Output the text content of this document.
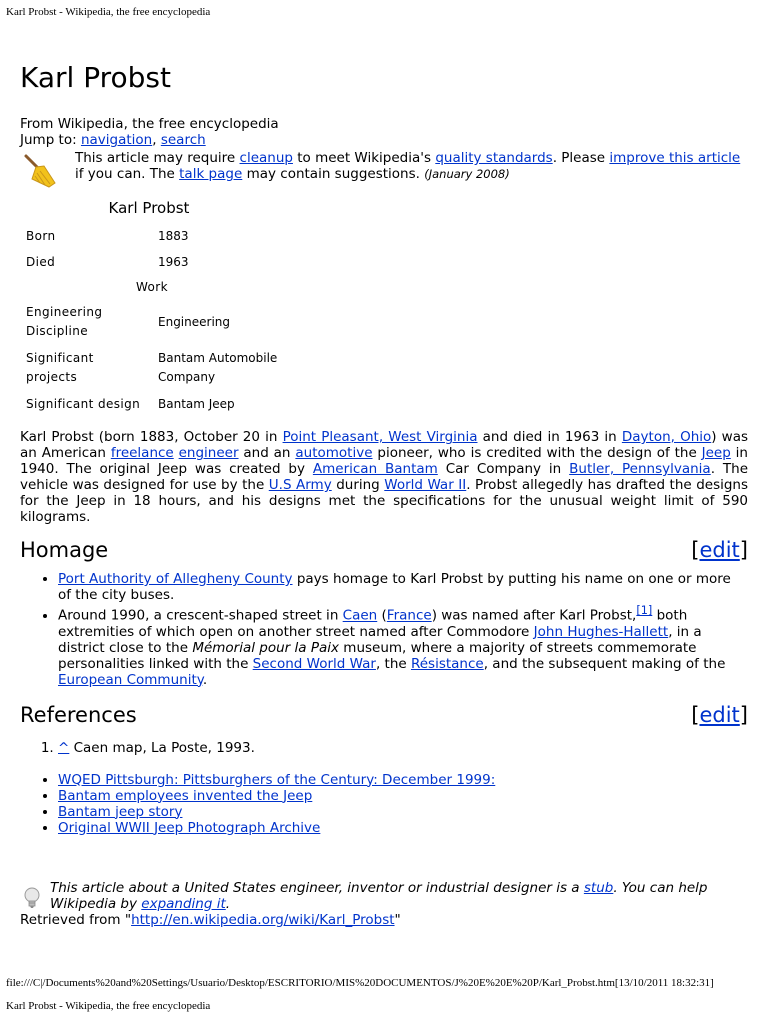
Karl Probst - Wikipedia, the free encyclopedia
Karl Probst
From Wikipedia, the free encyclopedia
Jump to: navigation, search
This article may require cleanup to meet Wikipedia's quality standards. Please improve this article if you can. The talk page may contain suggestions. (January 2008)
Karl Probst	
Born	1883
Died	1963
Work	
Engineering Discipline	Engineering
Significant projects	Bantam Automobile Company
Significant design	Bantam Jeep
Karl Probst (born 1883, October 20 in Point Pleasant, West Virginia and died in 1963 in Dayton, Ohio) was an American freelance engineer and an automotive pioneer, who is credited with the design of the Jeep in 1940. The original Jeep was created by American Bantam Car Company in Butler, Pennsylvania. The vehicle was designed for use by the U.S Army during World War II. Probst allegedly has drafted the designs for the Jeep in 18 hours, and his designs met the specifications for the unusual weight limit of 590 kilograms.
Homage	[edit]
• Port Authority of Allegheny County pays homage to Karl Probst by putting his name on one or more of the city buses.
• Around 1990, a crescent-shaped street in Caen (France) was named after Karl Probst,[1] both extremities of which open on another street named after Commodore John Hughes-Hallett, in a district close to the Mémorial pour la Paix museum, where a majority of streets commemorate personalities linked with the Second World War, the Résistance, and the subsequent making of the European Community.
References	[edit]
1. ^ Caen map, La Poste, 1993.
• WQED Pittsburgh: Pittsburghers of the Century: December 1999:
• Bantam employees invented the Jeep
• Bantam jeep story
• Original WWII Jeep Photograph Archive
This article about a United States engineer, inventor or industrial designer is a stub. You can help Wikipedia by expanding it.
Retrieved from "http://en.wikipedia.org/wiki/Karl_Probst"
file:///C|/Documents%20and%20Settings/Usuario/Desktop/ESCRITORIO/MIS%20DOCUMENTOS/J%20E%20E%20P/Karl_Probst.htm[13/10/2011 18:32:31]
Karl Probst - Wikipedia, the free encyclopedia
